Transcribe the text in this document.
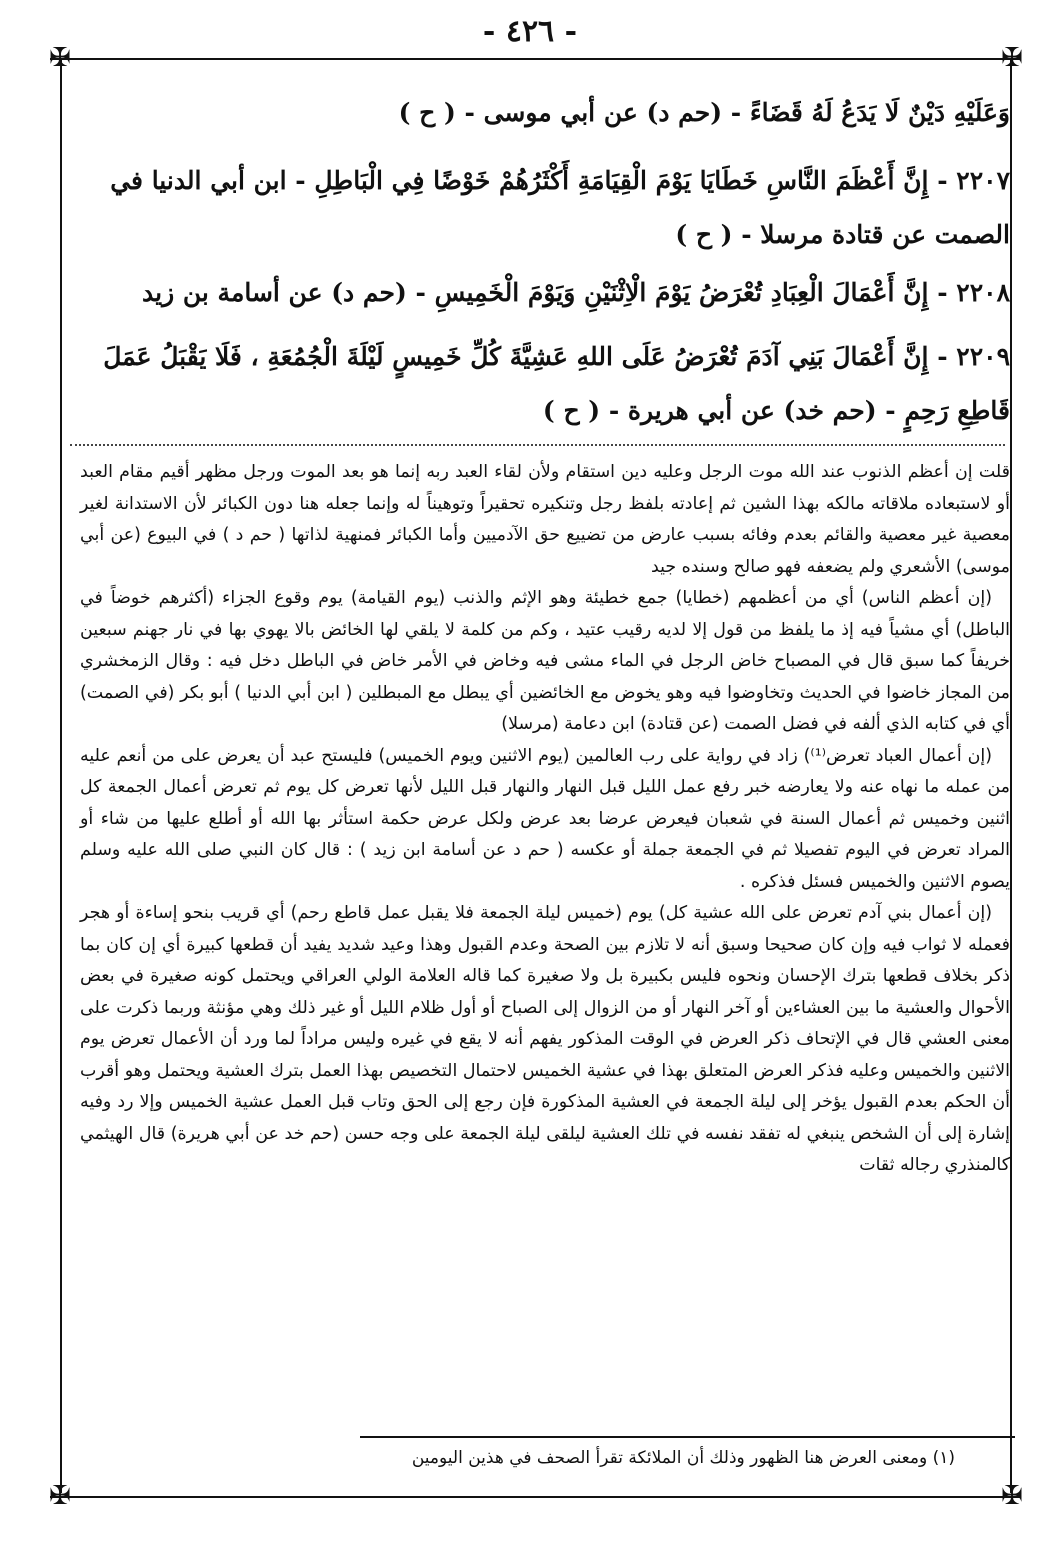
✠	✠
✠	✠
- ٤٢٦ -
وَعَلَيْهِ دَيْنٌ لَا يَدَعُ لَهُ قَضَاءً - (حم د) عن أبي موسى - ( ح )
٢٢٠٧ - إِنَّ أَعْظَمَ النَّاسِ خَطَايَا يَوْمَ الْقِيَامَةِ أَكْثَرُهُمْ خَوْضًا فِي الْبَاطِلِ - ابن أبي الدنيا في الصمت عن قتادة مرسلا - ( ح )
٢٢٠٨ - إِنَّ أَعْمَالَ الْعِبَادِ تُعْرَضُ يَوْمَ الْاِثْنَيْنِ وَيَوْمَ الْخَمِيسِ - (حم د) عن أسامة بن زيد
٢٢٠٩ - إِنَّ أَعْمَالَ بَنِي آدَمَ تُعْرَضُ عَلَى اللهِ عَشِيَّةَ كُلِّ خَمِيسٍ لَيْلَةَ الْجُمُعَةِ ، فَلَا يَقْبَلُ عَمَلَ قَاطِعِ رَحِمٍ - (حم خد) عن أبي هريرة - ( ح )

قلت إن أعظم الذنوب عند الله موت الرجل وعليه دين استقام ولأن لقاء العبد ربه إنما هو بعد الموت ورجل مظهر أقيم مقام العبد أو لاستبعاده ملاقاته مالكه بهذا الشين ثم إعادته بلفظ رجل وتنكيره تحقيراً وتوهيناً له وإنما جعله هنا دون الكبائر لأن الاستدانة لغير معصية غير معصية والقائم بعدم وفائه بسبب عارض من تضييع حق الآدميين وأما الكبائر فمنهية لذاتها ( حم د ) في البيوع (عن أبي موسى) الأشعري ولم يضعفه فهو صالح وسنده جيد

(إن أعظم الناس) أي من أعظمهم (خطايا) جمع خطيئة وهو الإثم والذنب (يوم القيامة) يوم وقوع الجزاء (أكثرهم خوضاً في الباطل) أي مشياً فيه إذ ما يلفظ من قول إلا لديه رقيب عتيد ، وكم من كلمة لا يلقي لها الخائض بالا يهوي بها في نار جهنم سبعين خريفاً كما سبق قال في المصباح خاض الرجل في الماء مشى فيه وخاض في الأمر خاض في الباطل دخل فيه : وقال الزمخشري من المجاز خاضوا في الحديث وتخاوضوا فيه وهو يخوض مع الخائضين أي يبطل مع المبطلين ( ابن أبي الدنيا ) أبو بكر (في الصمت) أي في كتابه الذي ألفه في فضل الصمت (عن قتادة) ابن دعامة (مرسلا)

(إن أعمال العباد تعرض⁽¹⁾) زاد في رواية على رب العالمين (يوم الاثنين ويوم الخميس) فليستح عبد أن يعرض على من أنعم عليه من عمله ما نهاه عنه ولا يعارضه خبر رفع عمل الليل قبل النهار والنهار قبل الليل لأنها تعرض كل يوم ثم تعرض أعمال الجمعة كل اثنين وخميس ثم أعمال السنة في شعبان فيعرض عرضا بعد عرض ولكل عرض حكمة استأثر بها الله أو أطلع عليها من شاء أو المراد تعرض في اليوم تفصيلا ثم في الجمعة جملة أو عكسه ( حم د عن أسامة ابن زيد ) : قال كان النبي صلى الله عليه وسلم يصوم الاثنين والخميس فسئل فذكره .

(إن أعمال بني آدم تعرض على الله عشية كل) يوم (خميس ليلة الجمعة فلا يقبل عمل قاطع رحم) أي قريب بنحو إساءة أو هجر فعمله لا ثواب فيه وإن كان صحيحا وسبق أنه لا تلازم بين الصحة وعدم القبول وهذا وعيد شديد يفيد أن قطعها كبيرة أي إن كان بما ذكر بخلاف قطعها بترك الإحسان ونحوه فليس بكبيرة بل ولا صغيرة كما قاله العلامة الولي العراقي ويحتمل كونه صغيرة في بعض الأحوال والعشية ما بين العشاءين أو آخر النهار أو من الزوال إلى الصباح أو أول ظلام الليل أو غير ذلك وهي مؤنثة وربما ذكرت على معنى العشي قال في الإتحاف ذكر العرض في الوقت المذكور يفهم أنه لا يقع في غيره وليس مراداً لما ورد أن الأعمال تعرض يوم الاثنين والخميس وعليه فذكر العرض المتعلق بهذا في عشية الخميس لاحتمال التخصيص بهذا العمل بترك العشية ويحتمل وهو أقرب أن الحكم بعدم القبول يؤخر إلى ليلة الجمعة في العشية المذكورة فإن رجع إلى الحق وتاب قبل العمل عشية الخميس وإلا رد وفيه إشارة إلى أن الشخص ينبغي له تفقد نفسه في تلك العشية ليلقى ليلة الجمعة على وجه حسن (حم خد عن أبي هريرة) قال الهيثمي كالمنذري رجاله ثقات

(١) ومعنى العرض هنا الظهور وذلك أن الملائكة تقرأ الصحف في هذين اليومين
